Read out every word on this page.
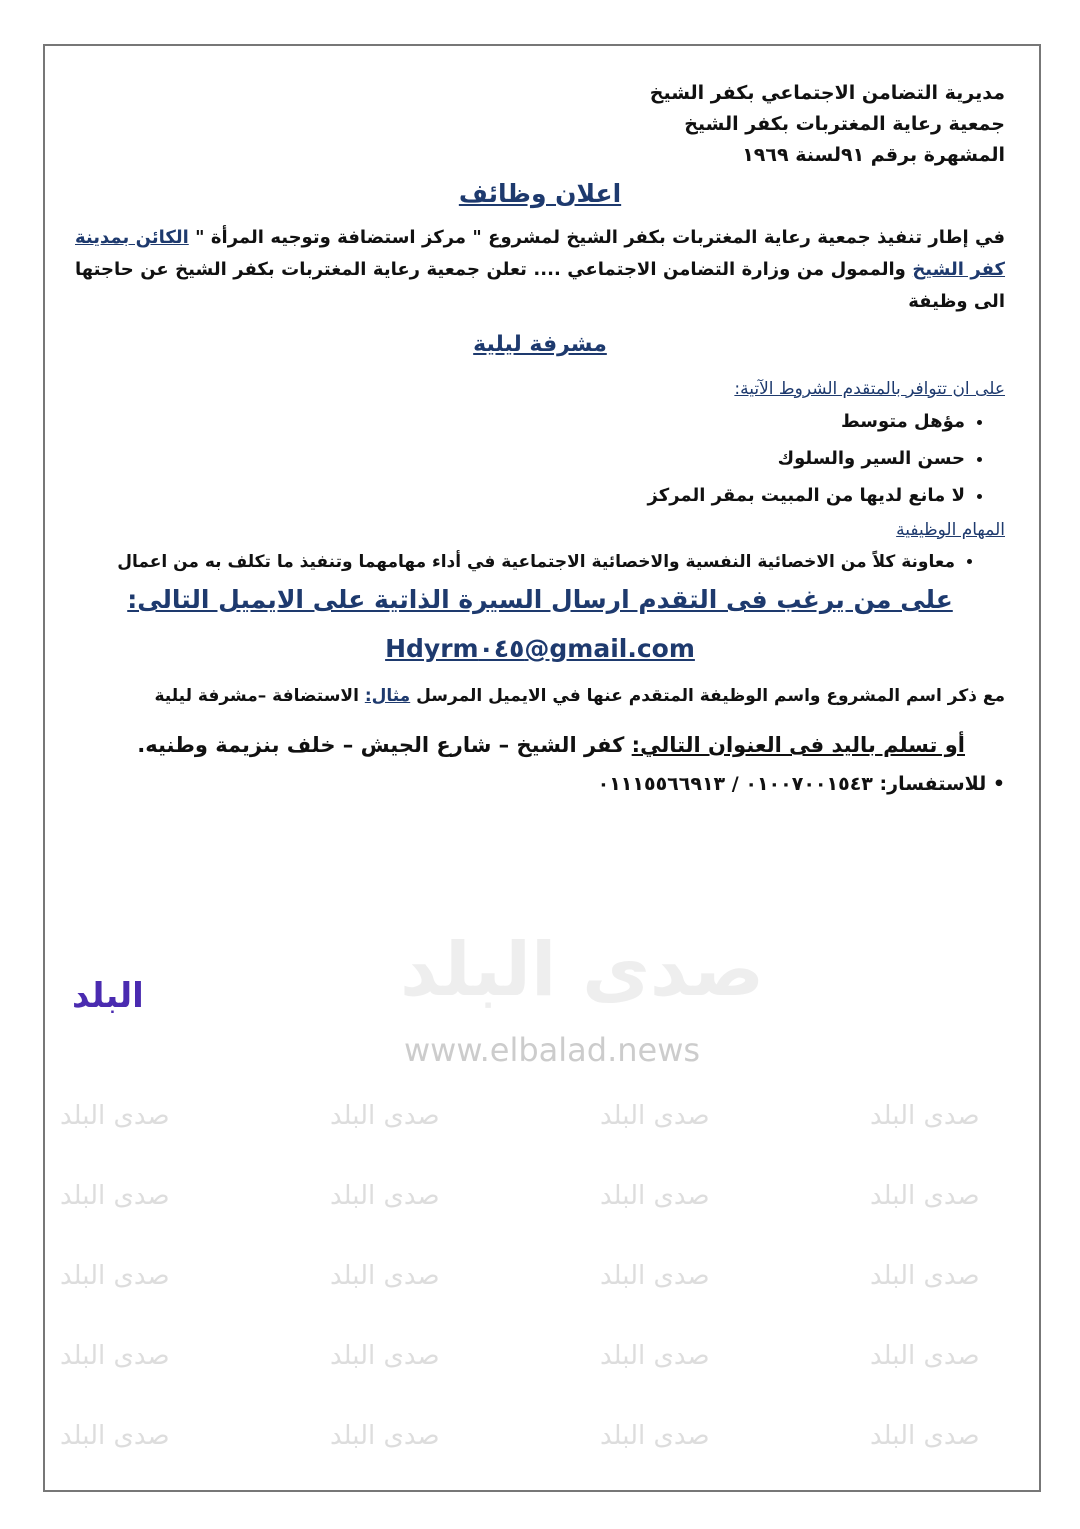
صدى البلد	صدى البلد	صدى البلد	صدى البلد
صدى البلد	صدى البلد	صدى البلد	صدى البلد
صدى البلد	صدى البلد	صدى البلد	صدى البلد
صدى البلد	صدى البلد	صدى البلد	صدى البلد
صدى البلد	صدى البلد	صدى البلد	صدى البلد
صدى البلد
www.elbalad.news
البلد
مديرية التضامن الاجتماعي بكفر الشيخ
جمعية رعاية المغتربات بكفر الشيخ
المشهرة برقم ٩١لسنة ١٩٦٩
اعلان وظائف
في إطار تنفيذ جمعية رعاية المغتربات بكفر الشيخ لمشروع " مركز استضافة وتوجيه المرأة " الكائن بمدينة كفر الشيخ والممول من وزارة التضامن الاجتماعي .... تعلن جمعية رعاية المغتربات بكفر الشيخ عن حاجتها الى وظيفة
مشرفة ليلية
على ان تتوافر بالمتقدم الشروط الآتية:
• مؤهل متوسط
• حسن السير والسلوك
• لا مانع لديها من المبيت بمقر المركز
المهام الوظيفية
• معاونة كلاً من الاخصائية النفسية والاخصائية الاجتماعية في أداء مهامهما وتنفيذ ما تكلف به من اعمال
على من يرغب فى التقدم ارسال السيرة الذاتية على الايميل التالى:
Hdyrm٠٤٥@gmail.com
مع ذكر اسم المشروع واسم الوظيفة المتقدم عنها في الايميل المرسل مثال: الاستضافة –مشرفة ليلية
أو تسلم باليد فى العنوان التالي: كفر الشيخ – شارع الجيش – خلف بنزيمة وطنيه.
• للاستفسار: ٠١٠٠٧٠٠١٥٤٣ / ٠١١١٥٥٦٦٩١٣
